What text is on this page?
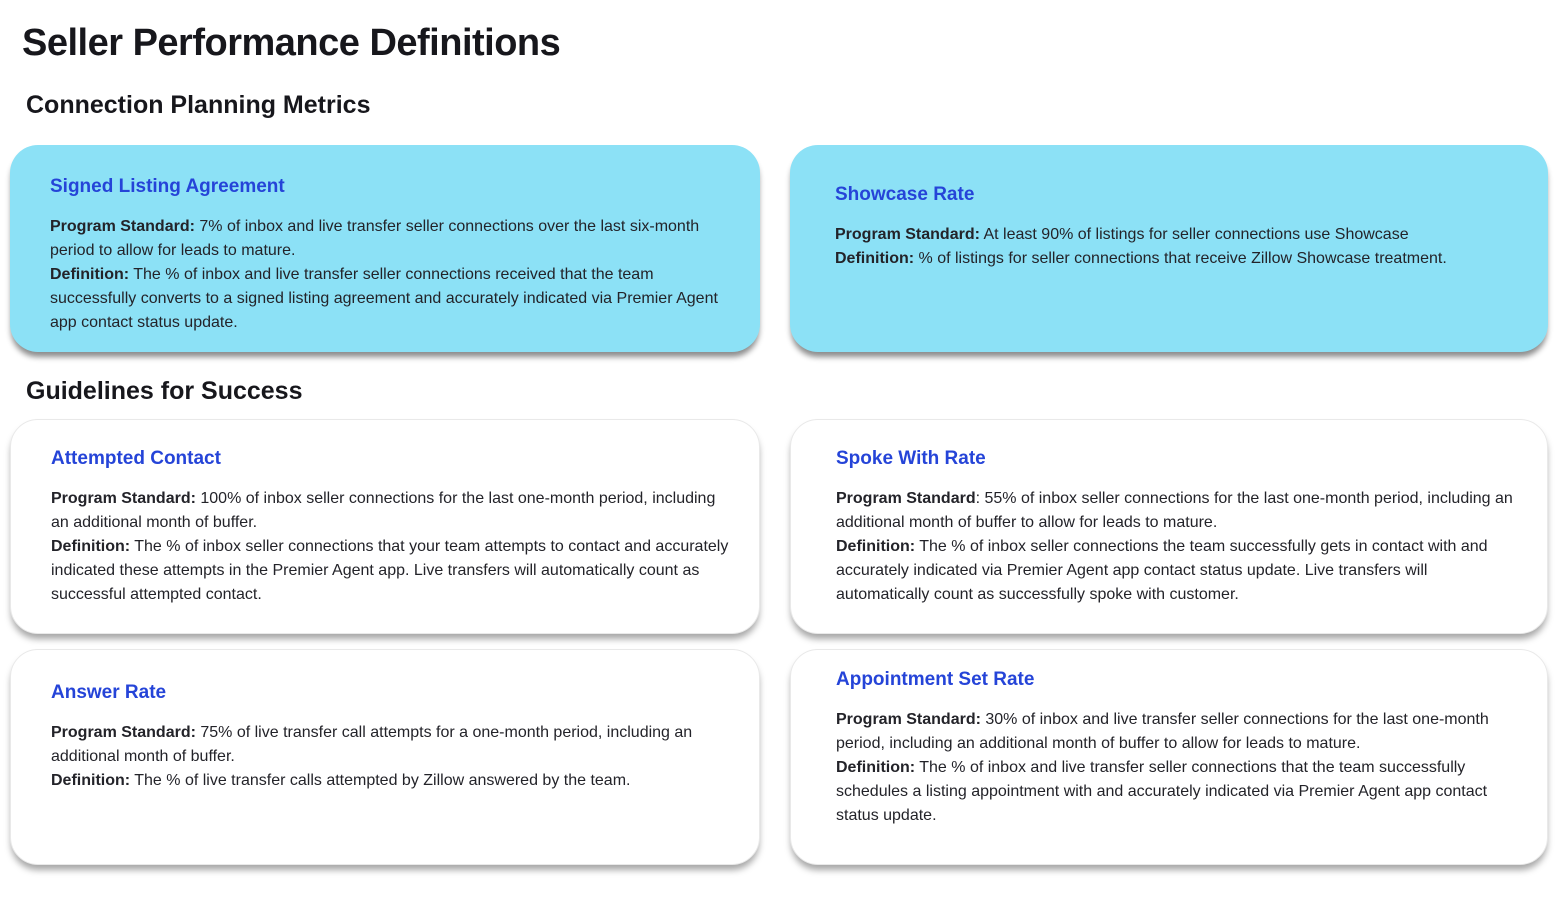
Seller Performance Definitions
Connection Planning Metrics
Signed Listing Agreement

Program Standard: 7% of inbox and live transfer seller connections over the last six-month period to allow for leads to mature.

Definition: The % of inbox and live transfer seller connections received that the team successfully converts to a signed listing agreement and accurately indicated via Premier Agent app contact status update.

Showcase Rate

Program Standard: At least 90% of listings for seller connections use Showcase

Definition: % of listings for seller connections that receive Zillow Showcase treatment.

Guidelines for Success
Attempted Contact

Program Standard: 100% of inbox seller connections for the last one-month period, including an additional month of buffer.

Definition: The % of inbox seller connections that your team attempts to contact and accurately indicated these attempts in the Premier Agent app. Live transfers will automatically count as successful attempted contact.

Spoke With Rate

Program Standard: 55% of inbox seller connections for the last one-month period, including an additional month of buffer to allow for leads to mature.

Definition: The % of inbox seller connections the team successfully gets in contact with and accurately indicated via Premier Agent app contact status update. Live transfers will automatically count as successfully spoke with customer.

Answer Rate

Program Standard: 75% of live transfer call attempts for a one-month period, including an additional month of buffer.

Definition: The % of live transfer calls attempted by Zillow answered by the team.

Appointment Set Rate

Program Standard: 30% of inbox and live transfer seller connections for the last one-month period, including an additional month of buffer to allow for leads to mature.

Definition: The % of inbox and live transfer seller connections that the team successfully schedules a listing appointment with and accurately indicated via Premier Agent app contact status update.
